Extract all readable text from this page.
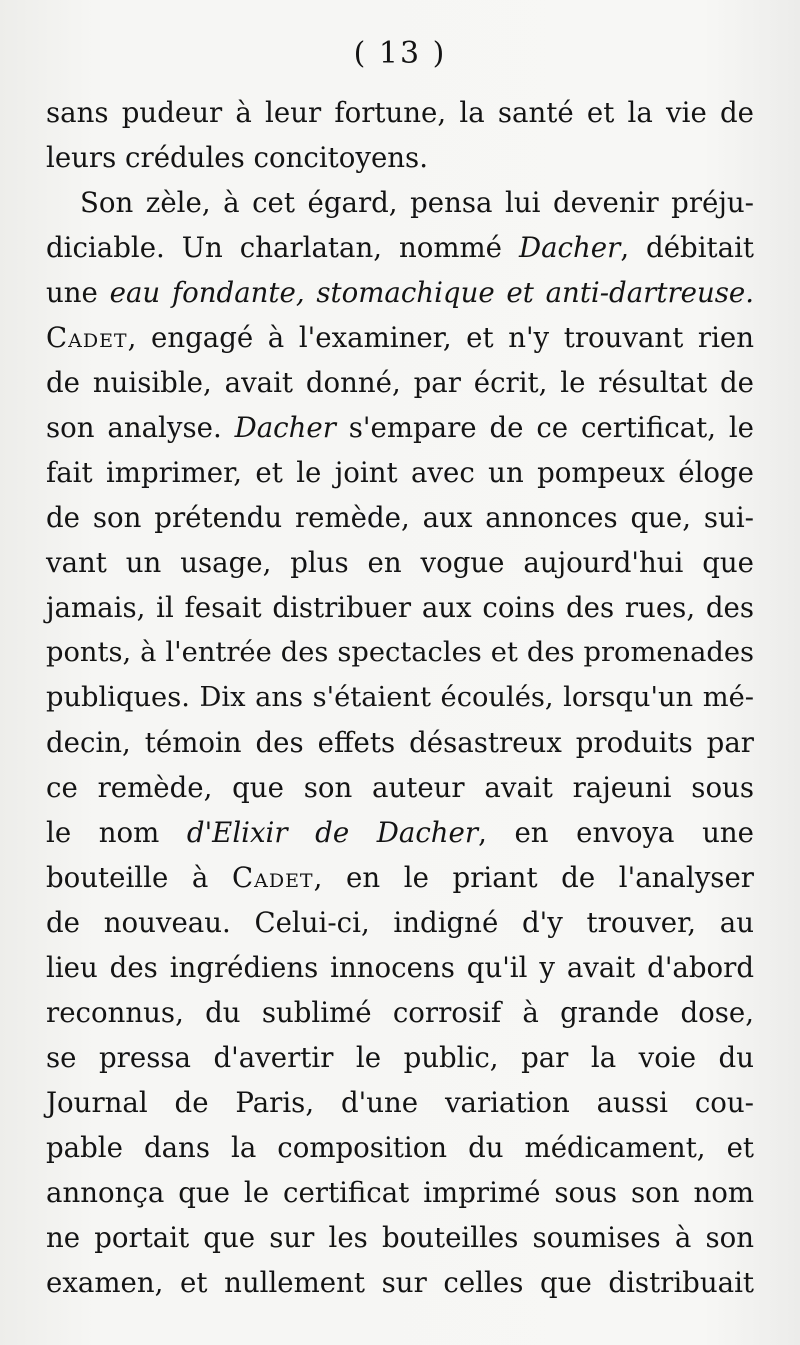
( 13 )
sans pudeur à leur fortune, la santé et la vie de
leurs crédules concitoyens.
Son zèle, à cet égard, pensa lui devenir préju-
diciable. Un charlatan, nommé Dacher, débitait
une eau fondante, stomachique et anti-dartreuse.
Cadet, engagé à l'examiner, et n'y trouvant rien
de nuisible, avait donné, par écrit, le résultat de
son analyse. Dacher s'empare de ce certificat, le
fait imprimer, et le joint avec un pompeux éloge
de son prétendu remède, aux annonces que, sui-
vant un usage, plus en vogue aujourd'hui que
jamais, il fesait distribuer aux coins des rues, des
ponts, à l'entrée des spectacles et des promenades
publiques. Dix ans s'étaient écoulés, lorsqu'un mé-
decin, témoin des effets désastreux produits par
ce remède, que son auteur avait rajeuni sous
le nom d'Elixir de Dacher, en envoya une
bouteille à Cadet, en le priant de l'analyser
de nouveau. Celui-ci, indigné d'y trouver, au
lieu des ingrédiens innocens qu'il y avait d'abord
reconnus, du sublimé corrosif à grande dose,
se pressa d'avertir le public, par la voie du
Journal de Paris, d'une variation aussi cou-
pable dans la composition du médicament, et
annonça que le certificat imprimé sous son nom
ne portait que sur les bouteilles soumises à son
examen, et nullement sur celles que distribuait
